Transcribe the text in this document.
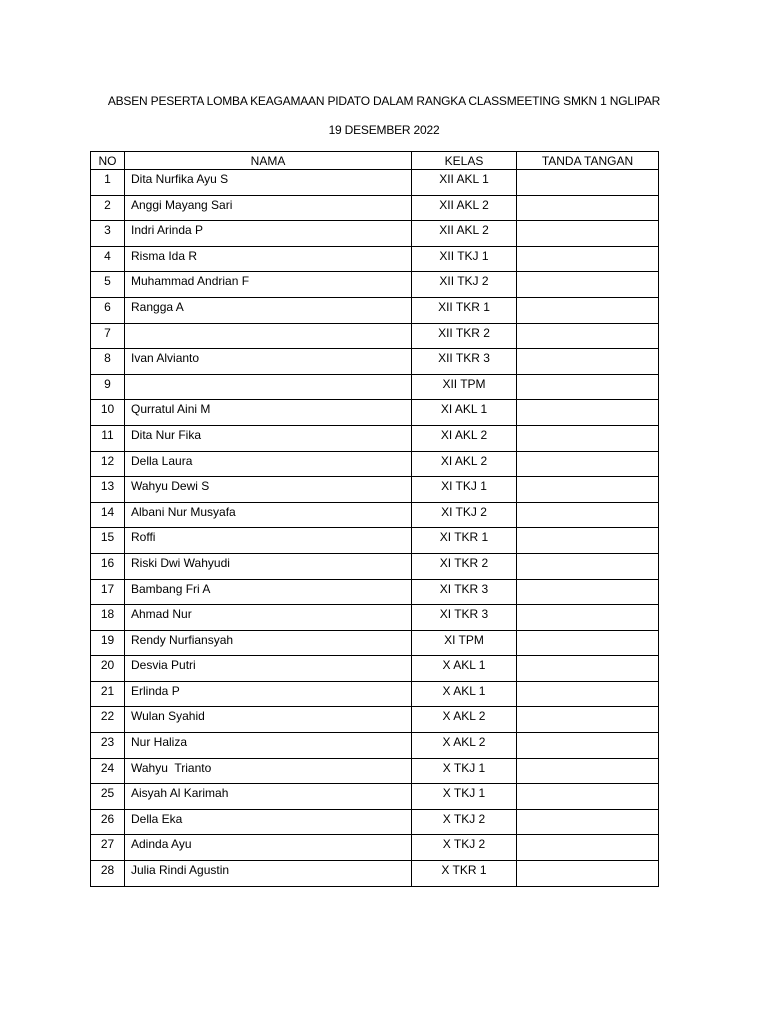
ABSEN PESERTA LOMBA KEAGAMAAN PIDATO DALAM RANGKA CLASSMEETING SMKN 1 NGLIPAR
19 DESEMBER 2022
NO	NAMA	KELAS	TANDA TANGAN
1	Dita Nurfika Ayu S	XII AKL 1	
2	Anggi Mayang Sari	XII AKL 2	
3	Indri Arinda P	XII AKL 2	
4	Risma Ida R	XII TKJ 1	
5	Muhammad Andrian F	XII TKJ 2	
6	Rangga A	XII TKR 1	
7		XII TKR 2	
8	Ivan Alvianto	XII TKR 3	
9		XII TPM	
10	Qurratul Aini M	XI AKL 1	
11	Dita Nur Fika	XI AKL 2	
12	Della Laura	XI AKL 2	
13	Wahyu Dewi S	XI TKJ 1	
14	Albani Nur Musyafa	XI TKJ 2	
15	Roffi	XI TKR 1	
16	Riski Dwi Wahyudi	XI TKR 2	
17	Bambang Fri A	XI TKR 3	
18	Ahmad Nur	XI TKR 3	
19	Rendy Nurfiansyah	XI TPM	
20	Desvia Putri	X AKL 1	
21	Erlinda P	X AKL 1	
22	Wulan Syahid	X AKL 2	
23	Nur Haliza	X AKL 2	
24	Wahyu  Trianto	X TKJ 1	
25	Aisyah Al Karimah	X TKJ 1	
26	Della Eka	X TKJ 2	
27	Adinda Ayu	X TKJ 2	
28	Julia Rindi Agustin	X TKR 1	
